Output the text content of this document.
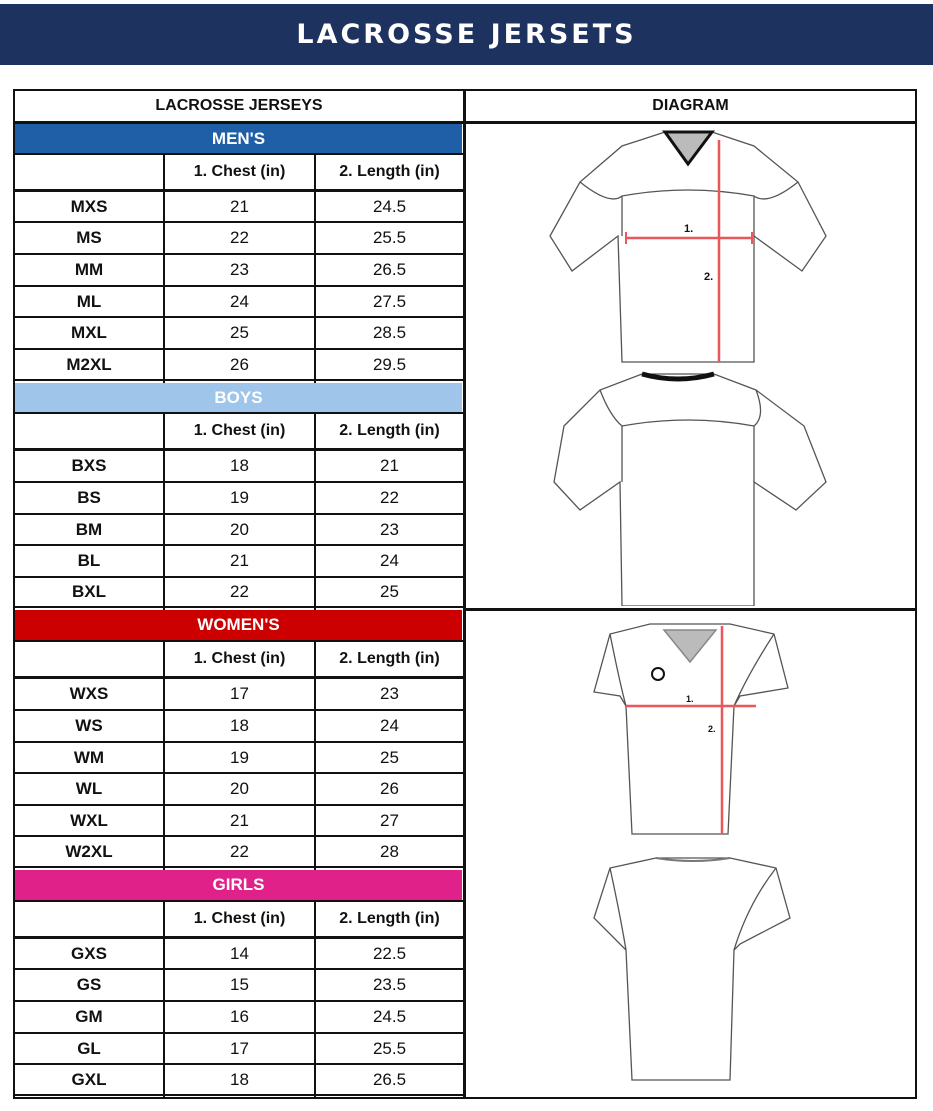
LACROSSE JERSETS
LACROSSE JERSEYS	DIAGRAM
MEN'S
1. Chest (in)	2. Length (in)
MXS	21	24.5
MS	22	25.5
MM	23	26.5
ML	24	27.5
MXL	25	28.5
M2XL	26	29.5
BOYS
1. Chest (in)	2. Length (in)
BXS	18	21
BS	19	22
BM	20	23
BL	21	24
BXL	22	25
WOMEN'S
1. Chest (in)	2. Length (in)
WXS	17	23
WS	18	24
WM	19	25
WL	20	26
WXL	21	27
W2XL	22	28
GIRLS
1. Chest (in)	2. Length (in)
GXS	14	22.5
GS	15	23.5
GM	16	24.5
GL	17	25.5
GXL	18	26.5
1.
2.
1.
2.
